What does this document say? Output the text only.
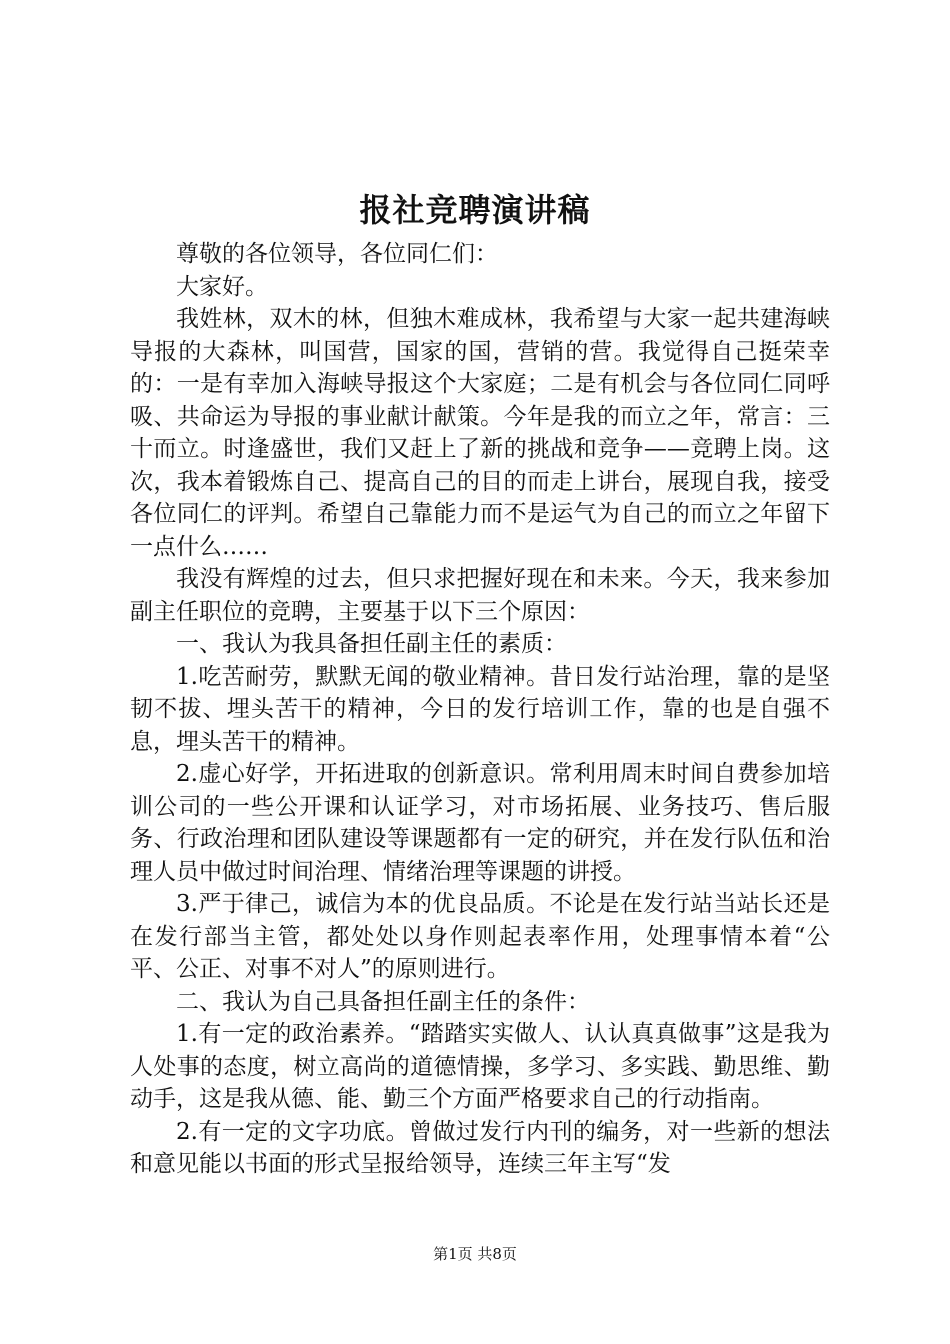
报社竞聘演讲稿

尊敬的各位领导，各位同仁们：

大家好。

我姓林，双木的林，但独木难成林，我希望与大家一起共建海峡导报的大森林，叫国营，国家的国，营销的营。我觉得自己挺荣幸的：一是有幸加入海峡导报这个大家庭；二是有机会与各位同仁同呼吸、共命运为导报的事业献计献策。今年是我的而立之年，常言：三十而立。时逢盛世，我们又赶上了新的挑战和竞争——竞聘上岗。这次，我本着锻炼自己、提高自己的目的而走上讲台，展现自我，接受各位同仁的评判。希望自己靠能力而不是运气为自己的而立之年留下一点什么……

我没有辉煌的过去，但只求把握好现在和未来。今天，我来参加副主任职位的竞聘，主要基于以下三个原因：

一、我认为我具备担任副主任的素质：

1.吃苦耐劳，默默无闻的敬业精神。昔日发行站治理，靠的是坚韧不拔、埋头苦干的精神，今日的发行培训工作，靠的也是自强不息，埋头苦干的精神。

2.虚心好学，开拓进取的创新意识。常利用周末时间自费参加培训公司的一些公开课和认证学习，对市场拓展、业务技巧、售后服务、行政治理和团队建设等课题都有一定的研究，并在发行队伍和治理人员中做过时间治理、情绪治理等课题的讲授。

3.严于律己，诚信为本的优良品质。不论是在发行站当站长还是在发行部当主管，都处处以身作则起表率作用，处理事情本着“公平、公正、对事不对人”的原则进行。

二、我认为自己具备担任副主任的条件：

1.有一定的政治素养。“踏踏实实做人、认认真真做事”这是我为人处事的态度，树立高尚的道德情操，多学习、多实践、勤思维、勤动手，这是我从德、能、勤三个方面严格要求自己的行动指南。

2.有一定的文字功底。曾做过发行内刊的编务，对一些新的想法和意见能以书面的形式呈报给领导，连续三年主写“发

第1页 共8页
